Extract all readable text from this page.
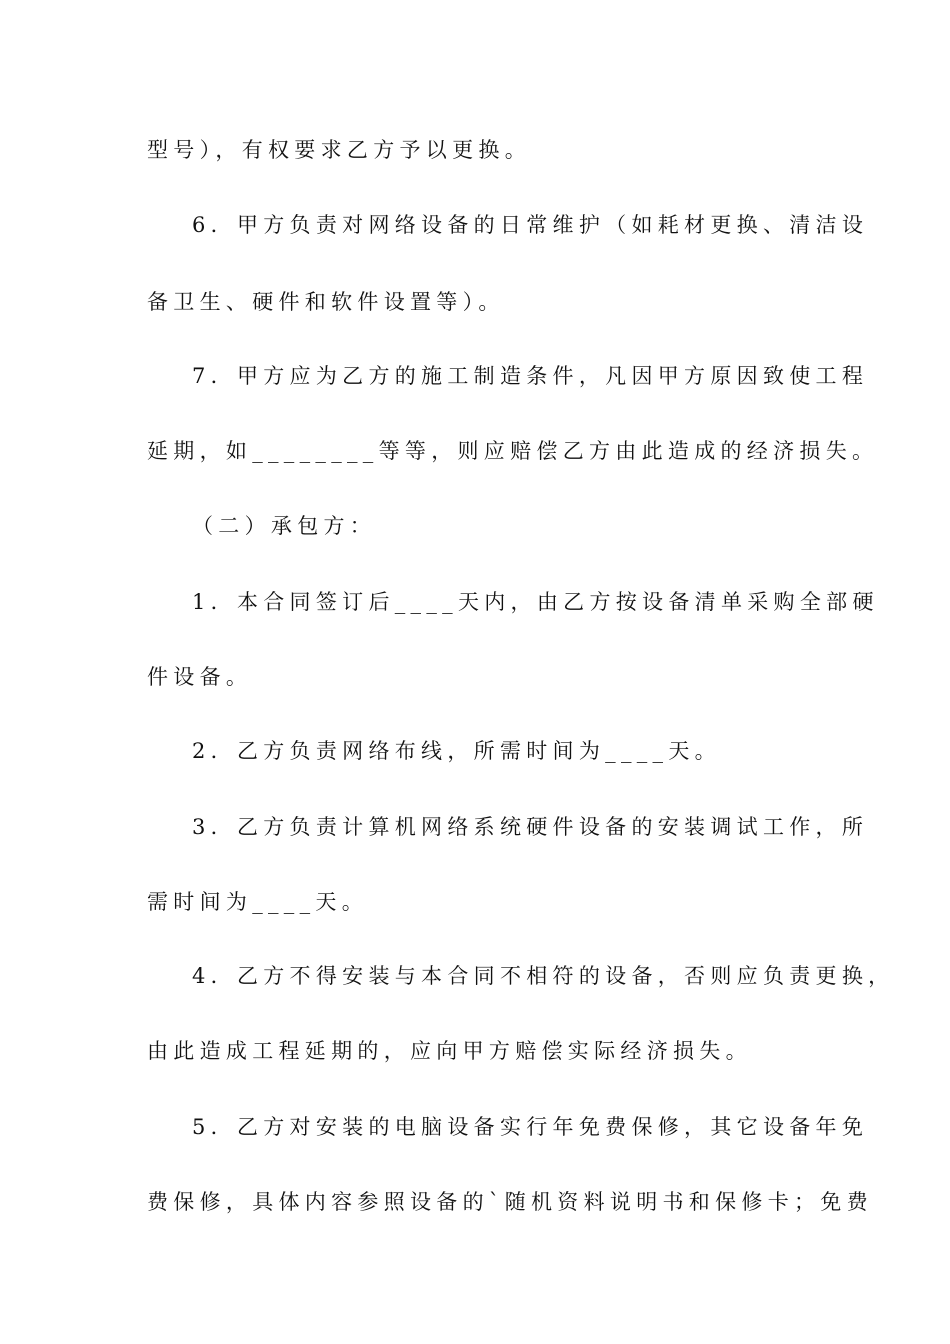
型号），有权要求乙方予以更换。
6．甲方负责对网络设备的日常维护（如耗材更换、清洁设
备卫生、硬件和软件设置等）。
7．甲方应为乙方的施工制造条件，凡因甲方原因致使工程
延期，如________等等，则应赔偿乙方由此造成的经济损失。
（二）承包方：
1．本合同签订后____天内，由乙方按设备清单采购全部硬
件设备。
2．乙方负责网络布线，所需时间为____天。
3．乙方负责计算机网络系统硬件设备的安装调试工作，所
需时间为____天。
4．乙方不得安装与本合同不相符的设备，否则应负责更换，
由此造成工程延期的，应向甲方赔偿实际经济损失。
5．乙方对安装的电脑设备实行年免费保修，其它设备年免
费保修，具体内容参照设备的`随机资料说明书和保修卡；免费
